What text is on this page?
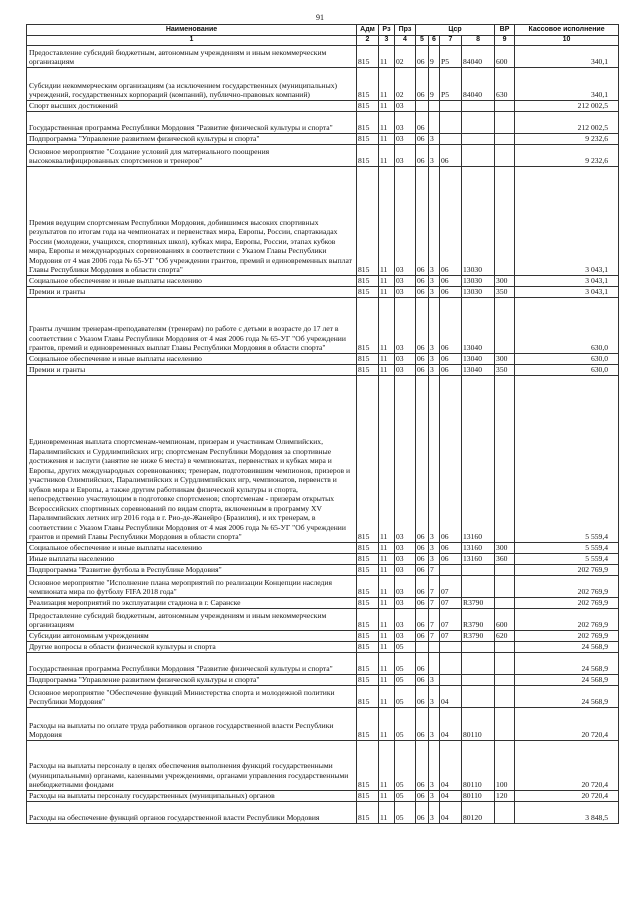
91
Наименование	Адм	Рз	Прз	Цср				ВР	Кассовое исполнение
1	2	3	4	5	6	7	8	9	10
Предоставление субсидий бюджетным, автономным учреждениям и иным некоммерческим организациям	815	11	02	06	9	Р5	84040	600	340,1
Субсидии некоммерческим организациям (за исключением государственных (муниципальных) учреждений, государственных корпораций (компаний), публично-правовых компаний)	815	11	02	06	9	Р5	84040	630	340,1
Спорт высших достижений	815	11	03						212 002,5
Государственная программа Республики Мордовия "Развитие физической культуры и спорта"	815	11	03	06					212 002,5
Подпрограмма "Управление развитием физической культуры и спорта"	815	11	03	06	3				9 232,6
Основное мероприятие "Создание условий для материального поощрения высококвалифицированных спортсменов и тренеров"	815	11	03	06	3	06			9 232,6
Премия ведущим спортсменам Республики Мордовия, добившимся высоких спортивных результатов по итогам года на чемпионатах и первенствах мира, Европы, России, спартакиадах России (молодежи, учащихся, спортивных школ), кубках мира, Европы, России, этапах кубков мира, Европы и международных соревнованиях в соответствии с Указом Главы Республики Мордовия от 4 мая 2006 года № 65-УГ "Об учреждении грантов, премий и единовременных выплат Главы Республики Мордовия в области спорта"	815	11	03	06	3	06	13030		3 043,1
Социальное обеспечение и иные выплаты населению	815	11	03	06	3	06	13030	300	3 043,1
Премии и гранты	815	11	03	06	3	06	13030	350	3 043,1
Гранты лучшим тренерам-преподавателям (тренерам) по работе с детьми в возрасте до 17 лет в соответствии с Указом Главы Республики Мордовия от 4 мая 2006 года № 65-УГ "Об учреждении грантов, премий и единовременных выплат Главы Республики Мордовия в области спорта"	815	11	03	06	3	06	13040		630,0
Социальное обеспечение и иные выплаты населению	815	11	03	06	3	06	13040	300	630,0
Премии и гранты	815	11	03	06	3	06	13040	350	630,0
Единовременная выплата спортсменам-чемпионам, призерам и участникам Олимпийских, Паралимпийских и Сурдлимпийских игр; спортсменам Республики Мордовия за спортивные достижения и заслуги (занятие не ниже 6 места) в чемпионатах, первенствах и кубках мира и Европы, других международных соревнованиях; тренерам, подготовившим чемпионов, призеров и участников Олимпийских, Паралимпийских и Сурдлимпийских игр, чемпионатов, первенств и кубков мира и Европы, а также другим работникам физической культуры и спорта, непосредственно участвующим в подготовке спортсменов; спортсменам - призерам открытых Всероссийских спортивных соревнований по видам спорта, включенным в программу XV Паралимпийских летних игр 2016 года в г. Рио-де-Жанейро (Бразилия), и их тренерам, в соответствии с Указом Главы Республики Мордовия от 4 мая 2006 года № 65-УГ "Об учреждении грантов и премий Главы Республики Мордовия в области спорта"	815	11	03	06	3	06	13160		5 559,4
Социальное обеспечение и иные выплаты населению	815	11	03	06	3	06	13160	300	5 559,4
Иные выплаты населению	815	11	03	06	3	06	13160	360	5 559,4
Подпрограмма "Развитие футбола в Республике Мордовия"	815	11	03	06	7				202 769,9
Основное мероприятие "Исполнение плана мероприятий по реализации Концепции наследия чемпионата мира по футболу FIFA 2018 года"	815	11	03	06	7	07			202 769,9
Реализация мероприятий по эксплуатации стадиона в г. Саранске	815	11	03	06	7	07	R3790		202 769,9
Предоставление субсидий бюджетным, автономным учреждениям и иным некоммерческим организациям	815	11	03	06	7	07	R3790	600	202 769,9
Субсидии автономным учреждениям	815	11	03	06	7	07	R3790	620	202 769,9
Другие вопросы в области физической культуры и спорта	815	11	05						24 568,9
Государственная программа Республики Мордовия "Развитие физической культуры и спорта"	815	11	05	06					24 568,9
Подпрограмма "Управление развитием физической культуры и спорта"	815	11	05	06	3				24 568,9
Основное мероприятие "Обеспечение функций Министерства спорта и молодежной политики Республики Мордовия"	815	11	05	06	3	04			24 568,9
Расходы на выплаты по оплате труда работников органов государственной власти Республики Мордовия	815	11	05	06	3	04	80110		20 720,4
Расходы на выплаты персоналу в целях обеспечения выполнения функций государственными (муниципальными) органами, казенными учреждениями, органами управления государственными внебюджетными фондами	815	11	05	06	3	04	80110	100	20 720,4
Расходы на выплаты персоналу государственных (муниципальных) органов	815	11	05	06	3	04	80110	120	20 720,4
Расходы на обеспечение функций органов государственной власти Республики Мордовия	815	11	05	06	3	04	80120		3 848,5
